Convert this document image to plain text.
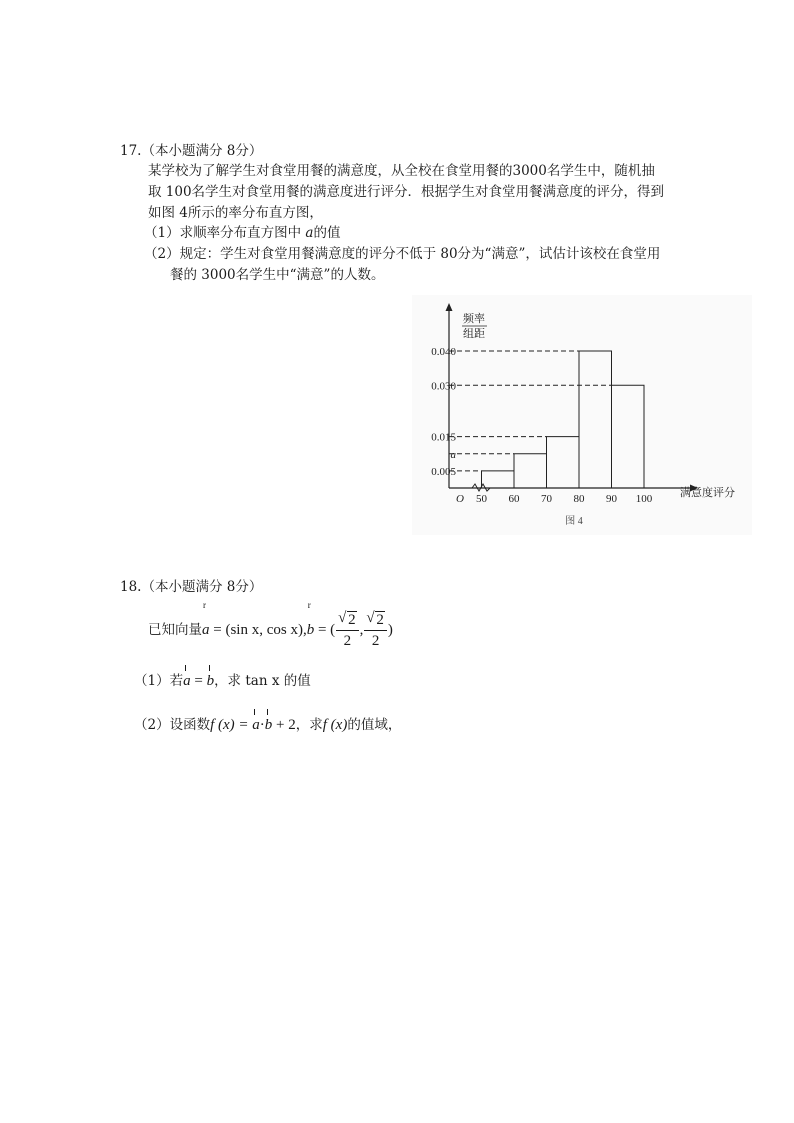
17.（本小题满分 8分）
某学校为了解学生对食堂用餐的满意度，从全校在食堂用餐的3000名学生中，随机抽
取 100名学生对食堂用餐的满意度进行评分．根据学生对食堂用餐满意度的评分，得到
如图 4所示的率分布直方图，
（1）求顺率分布直方图中 a的值
（2）规定：学生对食堂用餐满意度的评分不低于 80分为“满意”，试估计该校在食堂用
餐的 3000名学生中“满意”的人数。
频率
组距
0.005
a
0.015
0.030
0.040
50 60 70 80 90 100
O	满意度评分
图 4
18.（本小题满分 8分）
已知向量
r
a = (sin x, cos x),
r
b = ( $\frac{√ 2}{2}$ , $\frac{√ 2}{2}$ )
（1）若
a =
b，求 tan x 的值
（2）设函数f (x) =
a·
b + 2，求f (x)的值域，
